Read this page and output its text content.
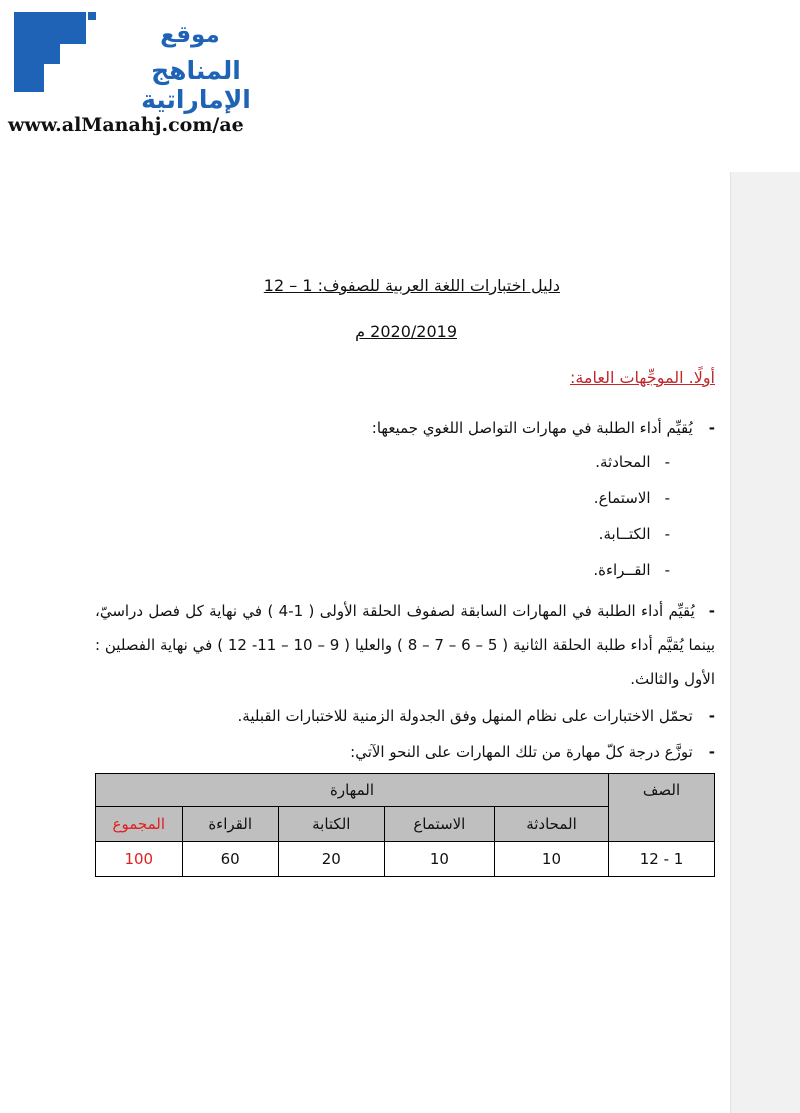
موقع
المناهج الإماراتية
www.alManahj.com/ae
دليل اختبارات اللغة العربية للصفوف: 1 – 12
2020/2019 م
أولًا. الموجِّهات العامة:
-يُقيِّم أداء الطلبة في مهارات التواصل اللغوي جميعها:
-المحادثة.
-الاستماع.
-الكتــابة.
-القــراءة.
-يُقيِّم أداء الطلبة في المهارات السابقة لصفوف الحلقة الأولى ( 1-4 ) في نهاية كل فصل دراسيّ، بينما يُقيَّم أداء طلبة الحلقة الثانية ( 5 – 6 – 7 – 8 ) والعليا ( 9 – 10 – 11- 12 ) في نهاية الفصلين : الأول والثالث.
-تحمّل الاختبارات على نظام المنهل وفق الجدولة الزمنية للاختبارات القبلية.
-توزَّع درجة كلّ مهارة من تلك المهارات على النحو الآتي:
الصف	المهارة				
	المحادثة	الاستماع	الكتابة	القراءة	المجموع
1 - 12	10	10	20	60	100
